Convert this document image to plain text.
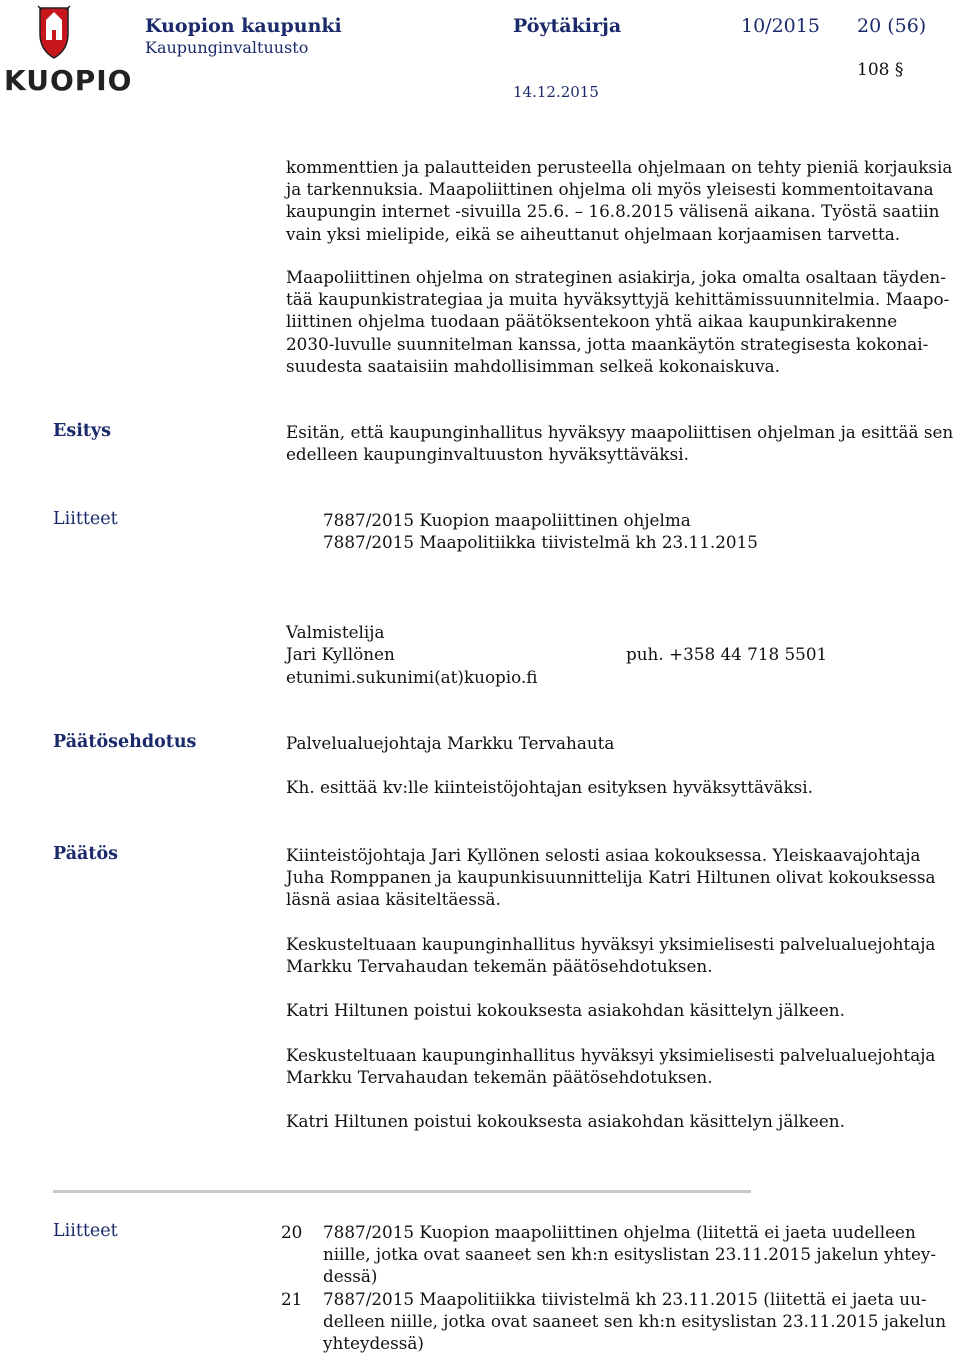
KUOPIO
Kuopion kaupunki
Kaupunginvaltuusto
Pöytäkirja	10/2015 20 (56)
108 §
14.12.2015
kommenttien ja palautteiden perusteella ohjelmaan on tehty pieniä korjauksia
ja tarkennuksia. Maapoliittinen ohjelma oli myös yleisesti kommentoitavana
kaupungin internet -sivuilla 25.6. – 16.8.2015 välisenä aikana. Työstä saatiin
vain yksi mielipide, eikä se aiheuttanut ohjelmaan korjaamisen tarvetta.
Maapoliittinen ohjelma on strateginen asiakirja, joka omalta osaltaan täyden-
tää kaupunkistrategiaa ja muita hyväksyttyjä kehittämissuunnitelmia. Maapo-
liittinen ohjelma tuodaan päätöksentekoon yhtä aikaa kaupunkirakenne
2030-luvulle suunnitelman kanssa, jotta maankäytön strategisesta kokonai-
suudesta saataisiin mahdollisimman selkeä kokonaiskuva.
Esitys	Esitän, että kaupunginhallitus hyväksyy maapoliittisen ohjelman ja esittää sen
edelleen kaupunginvaltuuston hyväksyttäväksi.
Liitteet	7887/2015 Kuopion maapoliittinen ohjelma
7887/2015 Maapolitiikka tiivistelmä kh 23.11.2015
Valmistelija
Jari Kyllönen	puh. +358 44 718 5501
etunimi.sukunimi(at)kuopio.fi
Päätösehdotus	Palvelualuejohtaja Markku Tervahauta
Kh. esittää kv:lle kiinteistöjohtajan esityksen hyväksyttäväksi.
Päätös	Kiinteistöjohtaja Jari Kyllönen selosti asiaa kokouksessa. Yleiskaavajohtaja
Juha Romppanen ja kaupunkisuunnittelija Katri Hiltunen olivat kokouksessa
läsnä asiaa käsiteltäessä.
Keskusteltuaan kaupunginhallitus hyväksyi yksimielisesti palvelualuejohtaja
Markku Tervahaudan tekemän päätösehdotuksen.
Katri Hiltunen poistui kokouksesta asiakohdan käsittelyn jälkeen.
Keskusteltuaan kaupunginhallitus hyväksyi yksimielisesti palvelualuejohtaja
Markku Tervahaudan tekemän päätösehdotuksen.
Katri Hiltunen poistui kokouksesta asiakohdan käsittelyn jälkeen.
Liitteet	20 7887/2015 Kuopion maapoliittinen ohjelma (liitettä ei jaeta uudelleen
niille, jotka ovat saaneet sen kh:n esityslistan 23.11.2015 jakelun yhtey-
dessä)
21 7887/2015 Maapolitiikka tiivistelmä kh 23.11.2015 (liitettä ei jaeta uu-
delleen niille, jotka ovat saaneet sen kh:n esityslistan 23.11.2015 jakelun
yhteydessä)
